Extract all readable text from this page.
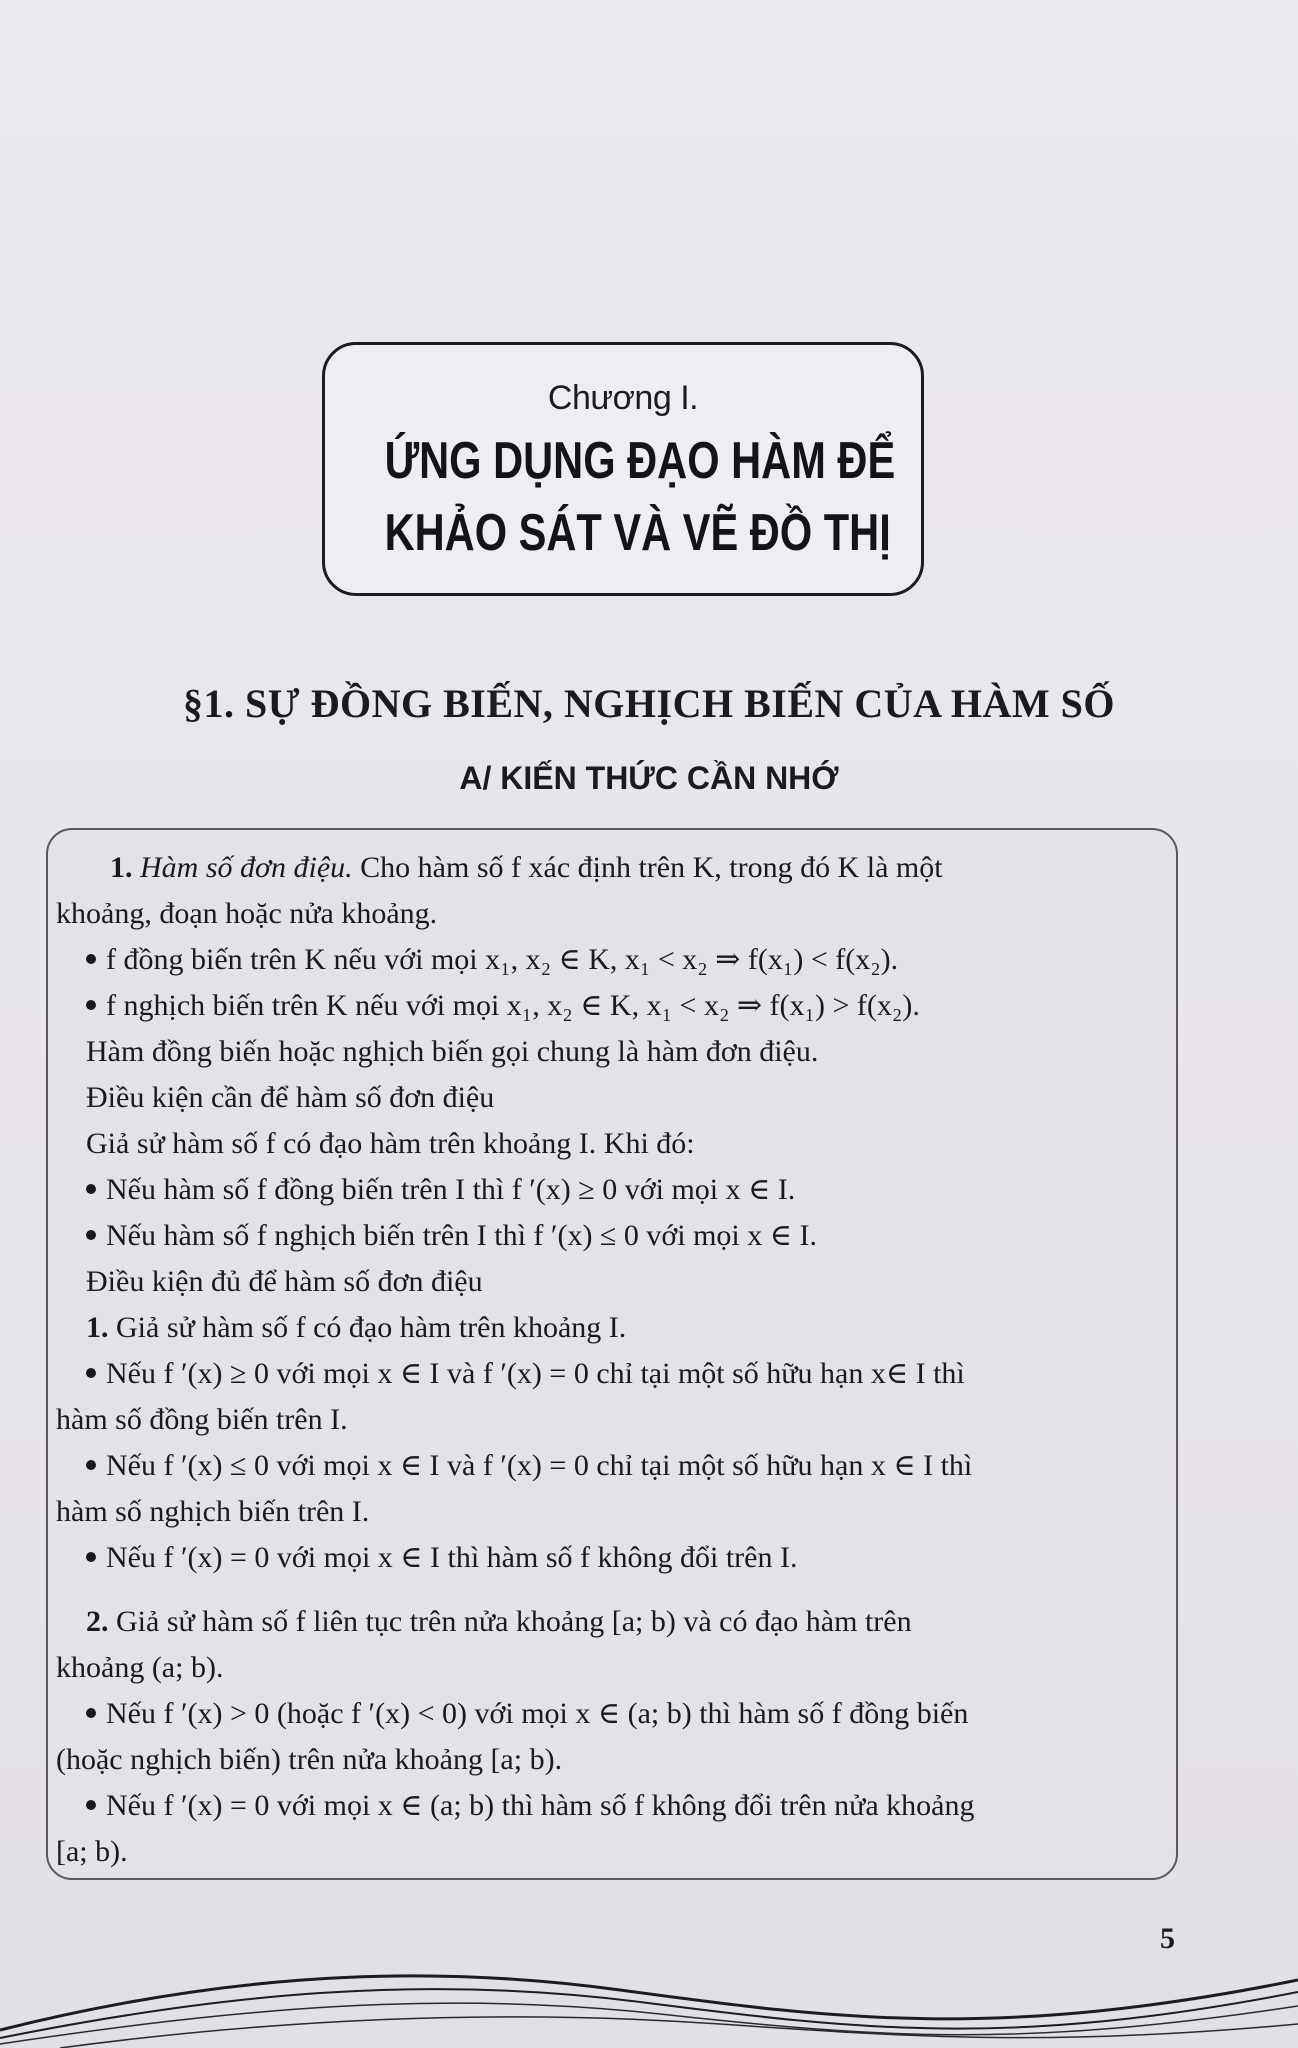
Chương I.
ỨNG DỤNG ĐẠO HÀM ĐỂ
KHẢO SÁT VÀ VẼ ĐỒ THỊ
§1. SỰ ĐỒNG BIẾN, NGHỊCH BIẾN CỦA HÀM SỐ
A/ KIẾN THỨC CẦN NHỚ
1. Hàm số đơn điệu. Cho hàm số f xác định trên K, trong đó K là một
khoảng, đoạn hoặc nửa khoảng.
f đồng biến trên K nếu với mọi x₁, x₂ ∈ K, x₁ < x₂ ⇒ f(x₁) < f(x₂).
f nghịch biến trên K nếu với mọi x₁, x₂ ∈ K, x₁ < x₂ ⇒ f(x₁) > f(x₂).
Hàm đồng biến hoặc nghịch biến gọi chung là hàm đơn điệu.
Điều kiện cần để hàm số đơn điệu
Giả sử hàm số f có đạo hàm trên khoảng I. Khi đó:
Nếu hàm số f đồng biến trên I thì f ′(x) ≥ 0 với mọi x ∈ I.
Nếu hàm số f nghịch biến trên I thì f ′(x) ≤ 0 với mọi x ∈ I.
Điều kiện đủ để hàm số đơn điệu
1. Giả sử hàm số f có đạo hàm trên khoảng I.
Nếu f ′(x) ≥ 0 với mọi x ∈ I và f ′(x) = 0 chỉ tại một số hữu hạn x∈ I thì
hàm số đồng biến trên I.
Nếu f ′(x) ≤ 0 với mọi x ∈ I và f ′(x) = 0 chỉ tại một số hữu hạn x ∈ I thì
hàm số nghịch biến trên I.
Nếu f ′(x) = 0 với mọi x ∈ I thì hàm số f không đổi trên I.
2. Giả sử hàm số f liên tục trên nửa khoảng [a; b) và có đạo hàm trên
khoảng (a; b).
Nếu f ′(x) > 0 (hoặc f ′(x) < 0) với mọi x ∈ (a; b) thì hàm số f đồng biến
(hoặc nghịch biến) trên nửa khoảng [a; b).
Nếu f ′(x) = 0 với mọi x ∈ (a; b) thì hàm số f không đổi trên nửa khoảng
[a; b).
5
